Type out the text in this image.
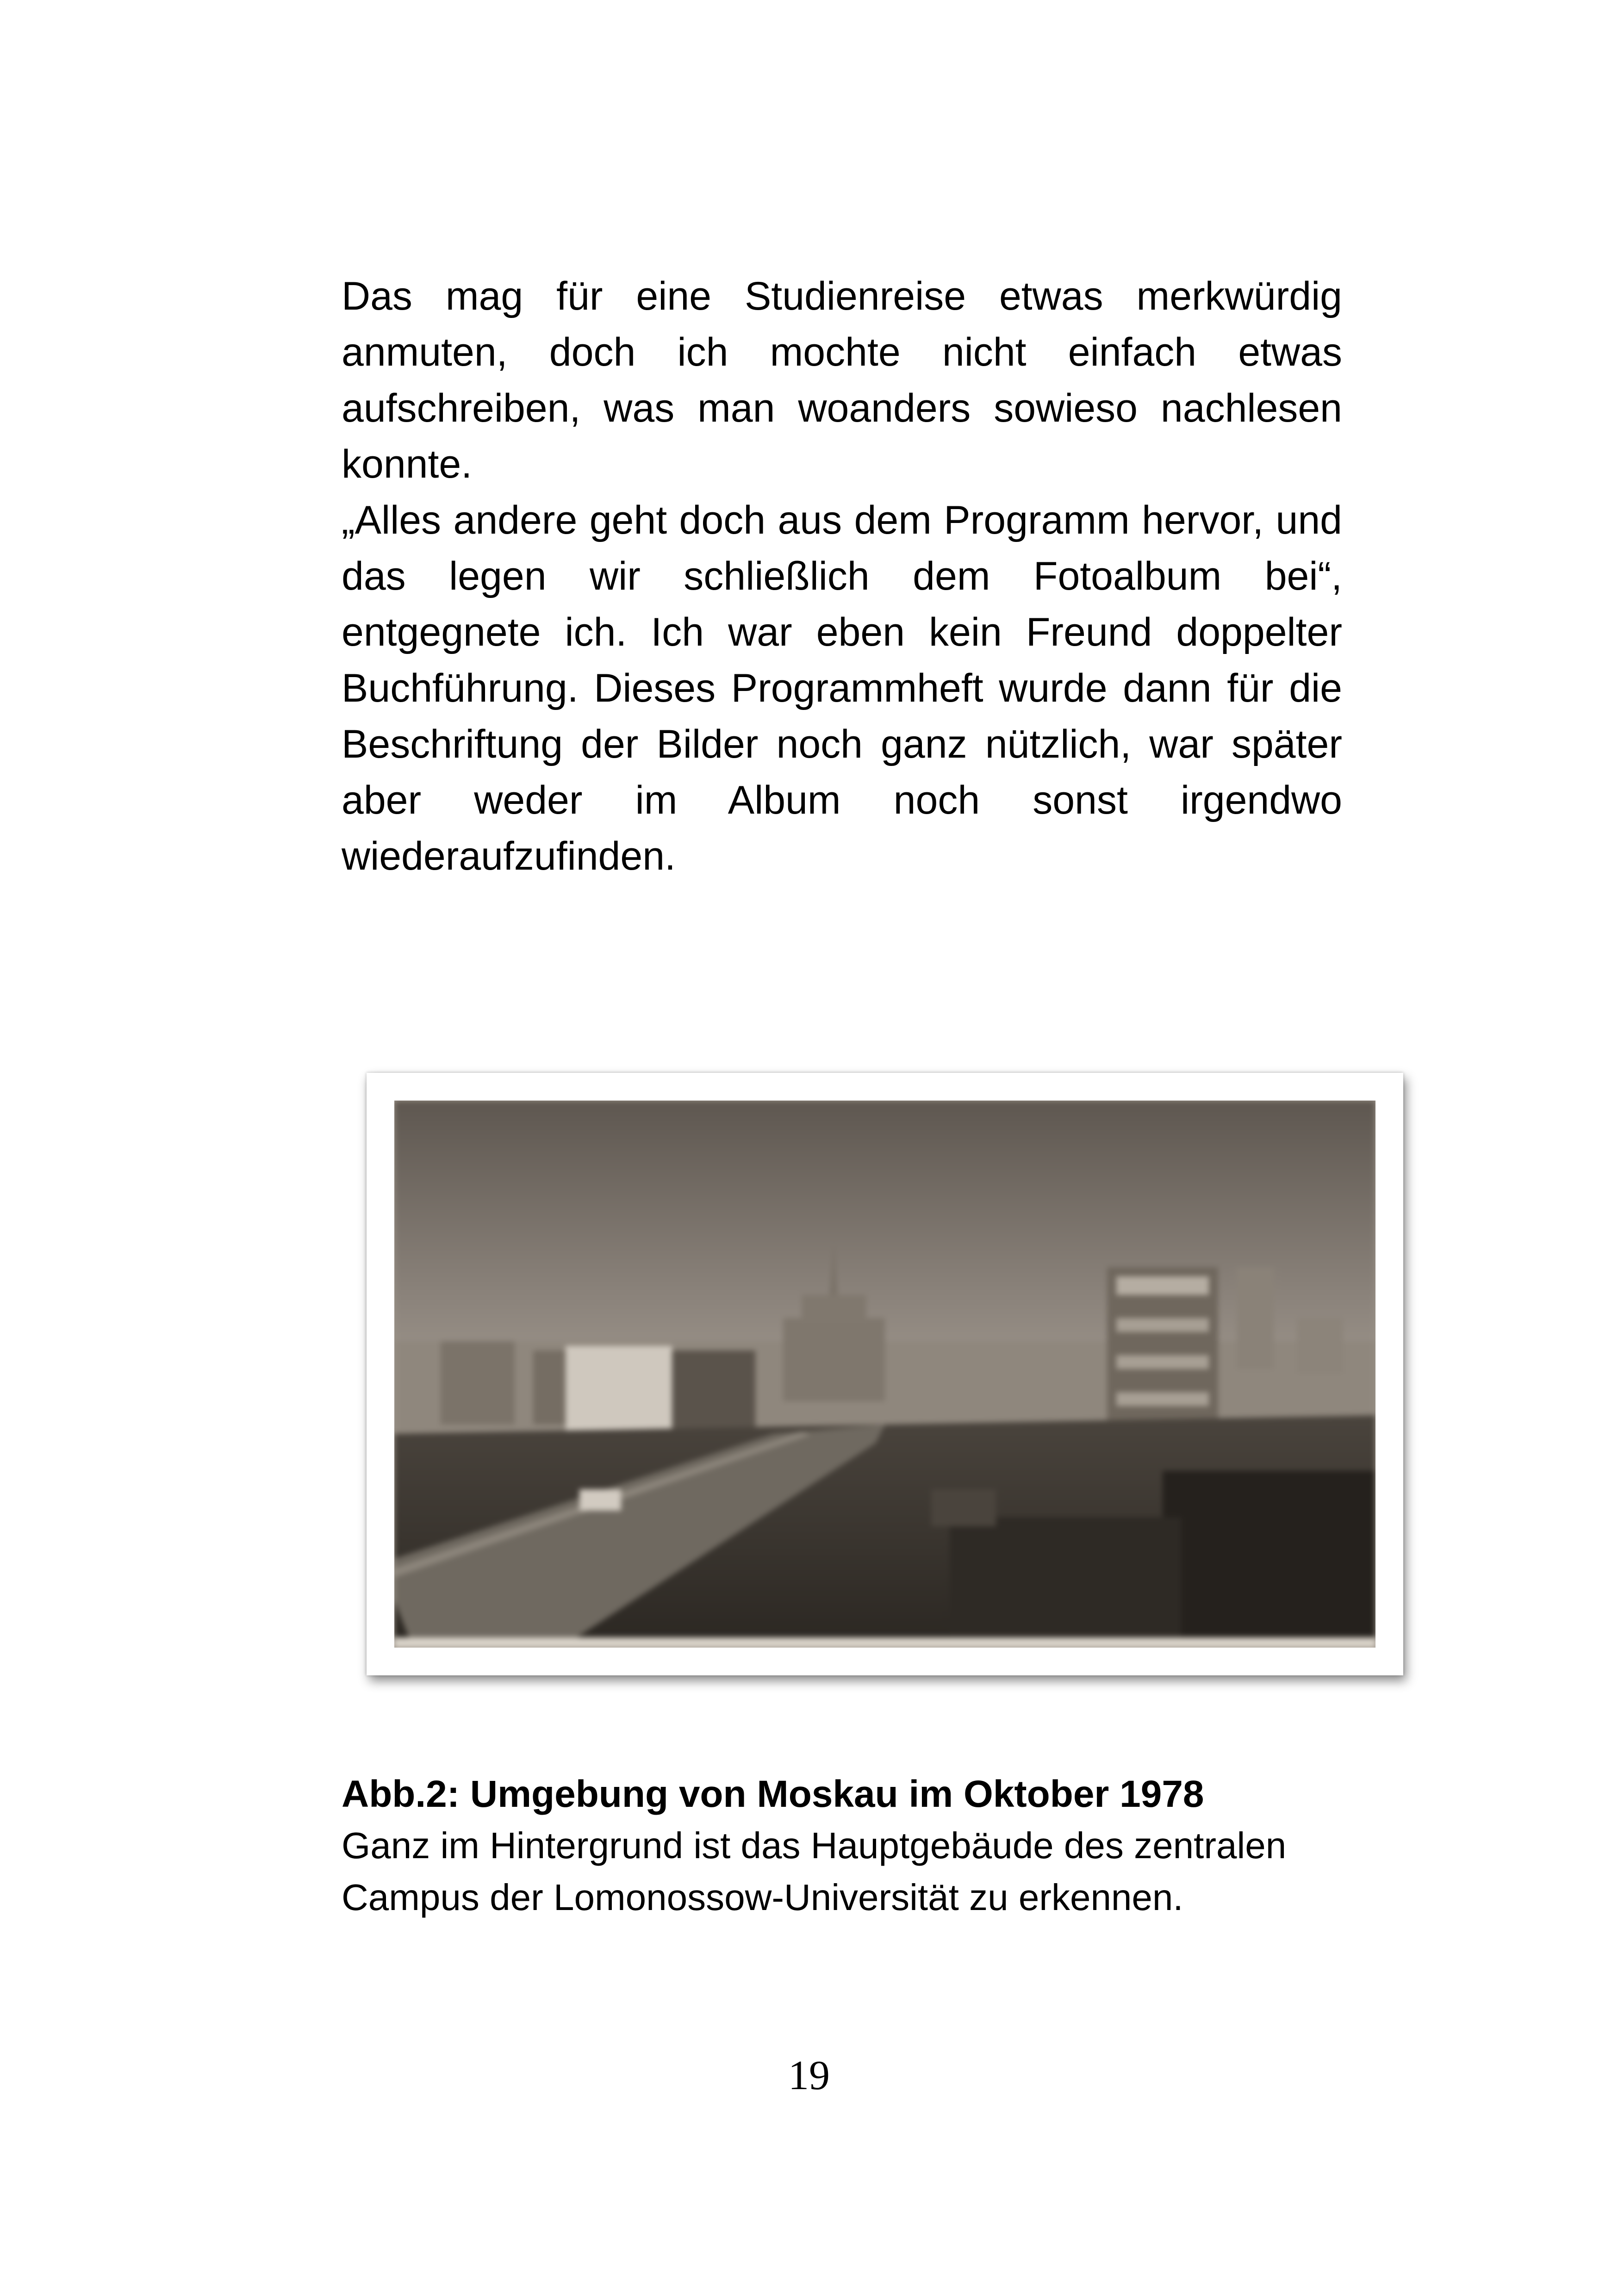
Das mag für eine Studienreise etwas merkwürdig anmuten, doch ich mochte nicht einfach etwas aufschreiben, was man woanders sowieso nachlesen konnte.

„Alles andere geht doch aus dem Programm hervor, und das legen wir schließlich dem Fotoalbum bei“, entgegnete ich. Ich war eben kein Freund doppelter Buchführung. Dieses Programmheft wurde dann für die Beschriftung der Bilder noch ganz nützlich, war später aber weder im Album noch sonst irgendwo wiederaufzufinden.

Abb.2: Umgebung von Moskau im Oktober 1978
Ganz im Hintergrund ist das Hauptgebäude des zentralen Campus der Lomonossow-Universität zu erkennen.
19
